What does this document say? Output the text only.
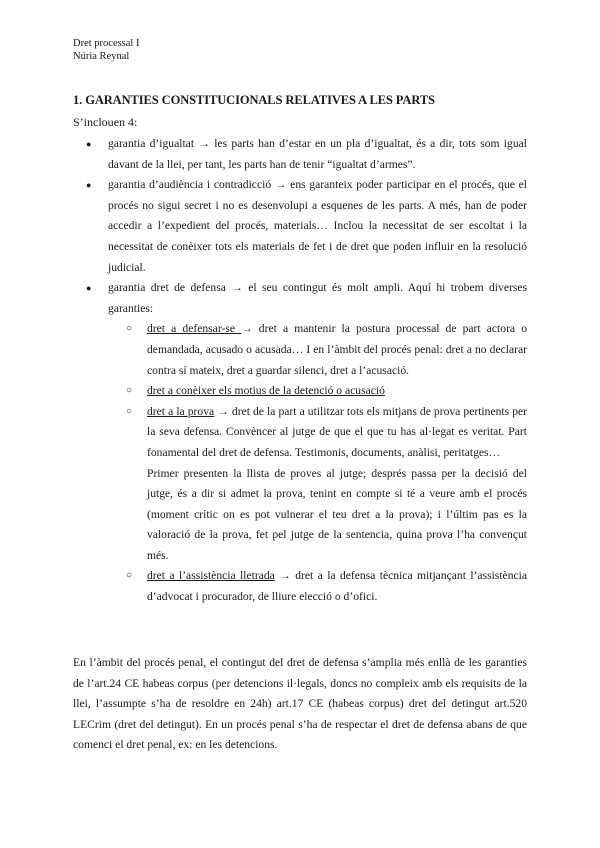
Dret processal I
Núria Reynal
1. GARANTIES CONSTITUCIONALS RELATIVES A LES PARTS
S’inclouen 4:
● garantia d’igualtat → les parts han d’estar en un pla d’igualtat, és a dir, tots som igual davant de la llei, per tant, les parts han de tenir “igualtat d’armes”.
● garantia d’audiència i contradicció → ens garanteix poder participar en el procés, que el procés no sigui secret i no es desenvolupi a esquenes de les parts. A més, han de poder accedir a l’expedient del procés, materials… Inclou la necessitat de ser escoltat i la necessitat de conèixer tots els materials de fet i de dret que poden influir en la resolució judicial.
● garantia dret de defensa → el seu contingut és molt ampli. Aquí hi trobem diverses garanties:
○ dret a defensar-se → dret a mantenir la postura processal de part actora o demandada, acusado o acusada… I en l’àmbit del procés penal: dret a no declarar contra sí mateix, dret a guardar silenci, dret a l’acusació.
○ dret a conèixer els motius de la detenció o acusació
○ dret a la prova → dret de la part a utilitzar tots els mitjans de prova pertinents per la seva defensa. Convèncer al jutge de que el que tu has al·legat es veritat. Part fonamental del dret de defensa. Testimonis, documents, anàlisi, peritatges…
Primer presenten la llista de proves al jutge; després passa per la decisió del jutge, és a dir si admet la prova, tenint en compte si té a veure amb el procés (moment crític on es pot vulnerar el teu dret a la prova); i l’últim pas es la valoració de la prova, fet pel jutge de la sentencia, quina prova l’ha convençut més.
○ dret a l’assistència lletrada → dret a la defensa tècnica mitjançant l’assistència d’advocat i procurador, de lliure elecció o d’ofici.
En l’àmbit del procés penal, el contingut del dret de defensa s’amplia més enllà de les garanties de l’art.24 CE habeas corpus (per detencions il·legals, doncs no compleix amb els requisits de la llei, l’assumpte s’ha de resoldre en 24h) art.17 CE (habeas corpus) dret del detingut art.520 LECrim (dret del detingut). En un procés penal s’ha de respectar el dret de defensa abans de que comenci el dret penal, ex: en les detencions.
